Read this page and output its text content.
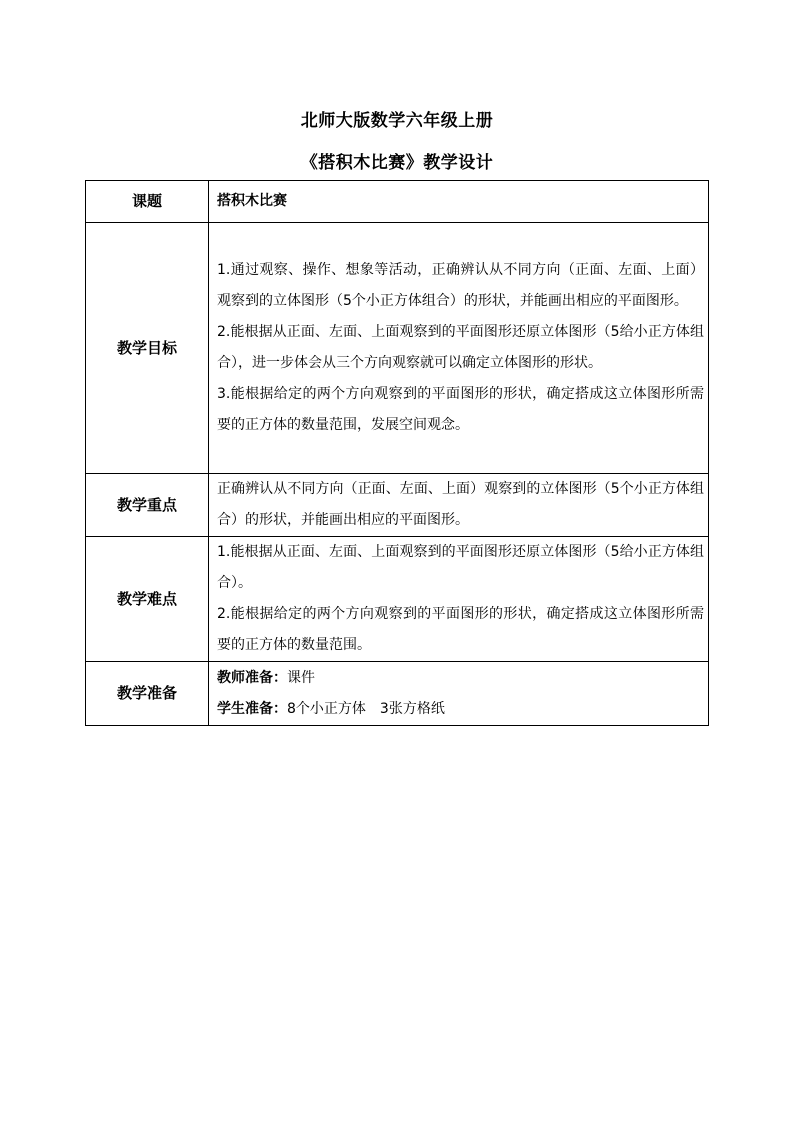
北师大版数学六年级上册
《搭积木比赛》教学设计
课题	搭积木比赛
教学目标	1.通过观察、操作、想象等活动，正确辨认从不同方向（正面、左面、上面）观察到的立体图形（5个小正方体组合）的形状，并能画出相应的平面图形。
2.能根据从正面、左面、上面观察到的平面图形还原立体图形（5给小正方体组合），进一步体会从三个方向观察就可以确定立体图形的形状。
3.能根据给定的两个方向观察到的平面图形的形状，确定搭成这立体图形所需要的正方体的数量范围，发展空间观念。

教学重点	正确辨认从不同方向（正面、左面、上面）观察到的立体图形（5个小正方体组合）的形状，并能画出相应的平面图形。
教学难点	1.能根据从正面、左面、上面观察到的平面图形还原立体图形（5给小正方体组合）。
2.能根据给定的两个方向观察到的平面图形的形状，确定搭成这立体图形所需要的正方体的数量范围。

教学准备	教师准备：课件
学生准备：8个小正方体　3张方格纸
